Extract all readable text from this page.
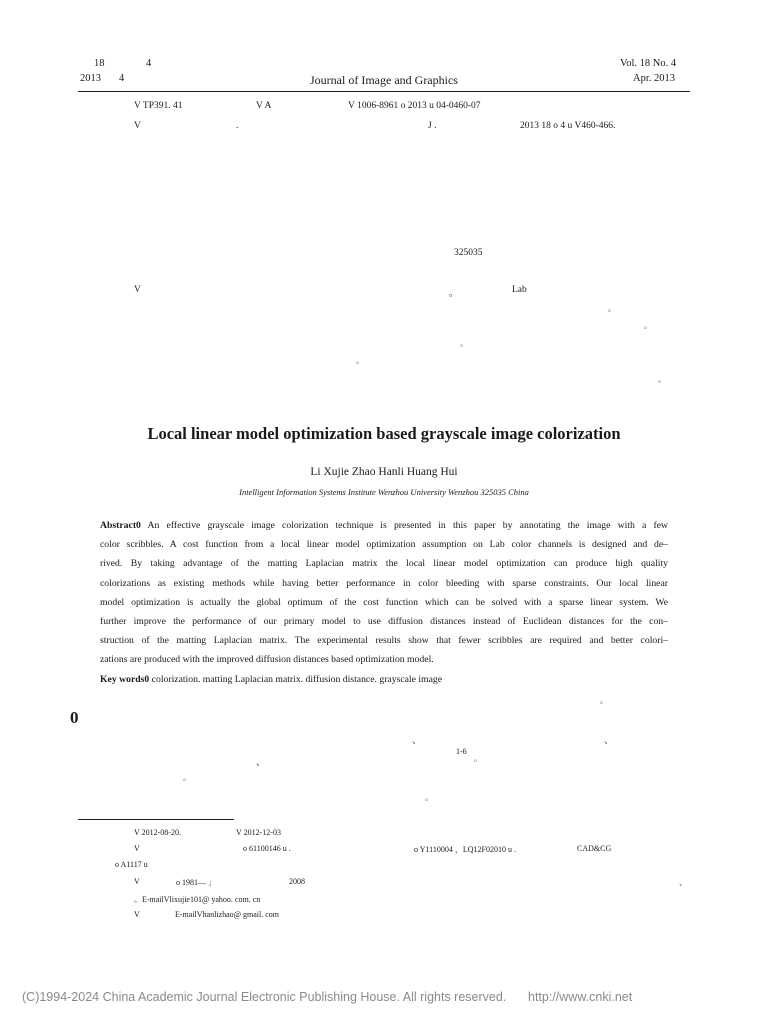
18	4
2013 4	Journal of Image and Graphics
Vol. 18 No. 4
Apr. 2013
V TP391. 41	V A	V 1006-8961 o 2013 u 04-0460-07
V	.	J .	2013 18 o 4 u V460-466.
325035
V	。	Lab
。
。
。
。
。
Local linear model optimization based grayscale image colorization
Li Xujie Zhao Hanli Huang Hui
Intelligent Information Systems Institute Wenzhou University Wenzhou 325035 China
Abstract0 An effective grayscale image colorization technique is presented in this paper by annotating the image with a few
color scribbles. A cost function from a local linear model optimization assumption on Lab color channels is designed and de–
rived. By taking advantage of the matting Laplacian matrix the local linear model optimization can produce high quality
colorizations as existing methods while having better performance in color bleeding with sparse constraints. Our local linear
model optimization is actually the global optimum of the cost function which can be solved with a sparse linear system. We
further improve the performance of our primary model to use diffusion distances instead of Euclidean distances for the con–
struction of the matting Laplacian matrix. The experimental results show that fewer scribbles are required and better colori–
zations are produced with the improved diffusion distances based optimization model.
Key words0 colorization. matting Laplacian matrix. diffusion distance. grayscale image
。
0
、	、
、
1-6
。
。
。
V 2012-08-20.	V 2012-12-03
V	o 61100146 u .	o Y1110004 、LQ12F02010 u .	CAD&CG
o A1117 u
V	o 1981— 」	2008	、
。E-mailVlixujie101@ yahoo. com. cn
V	E-mailVhanlizhao@ gmail. com
(C)1994-2024 China Academic Journal Electronic Publishing House. All rights reserved. http://www.cnki.net
